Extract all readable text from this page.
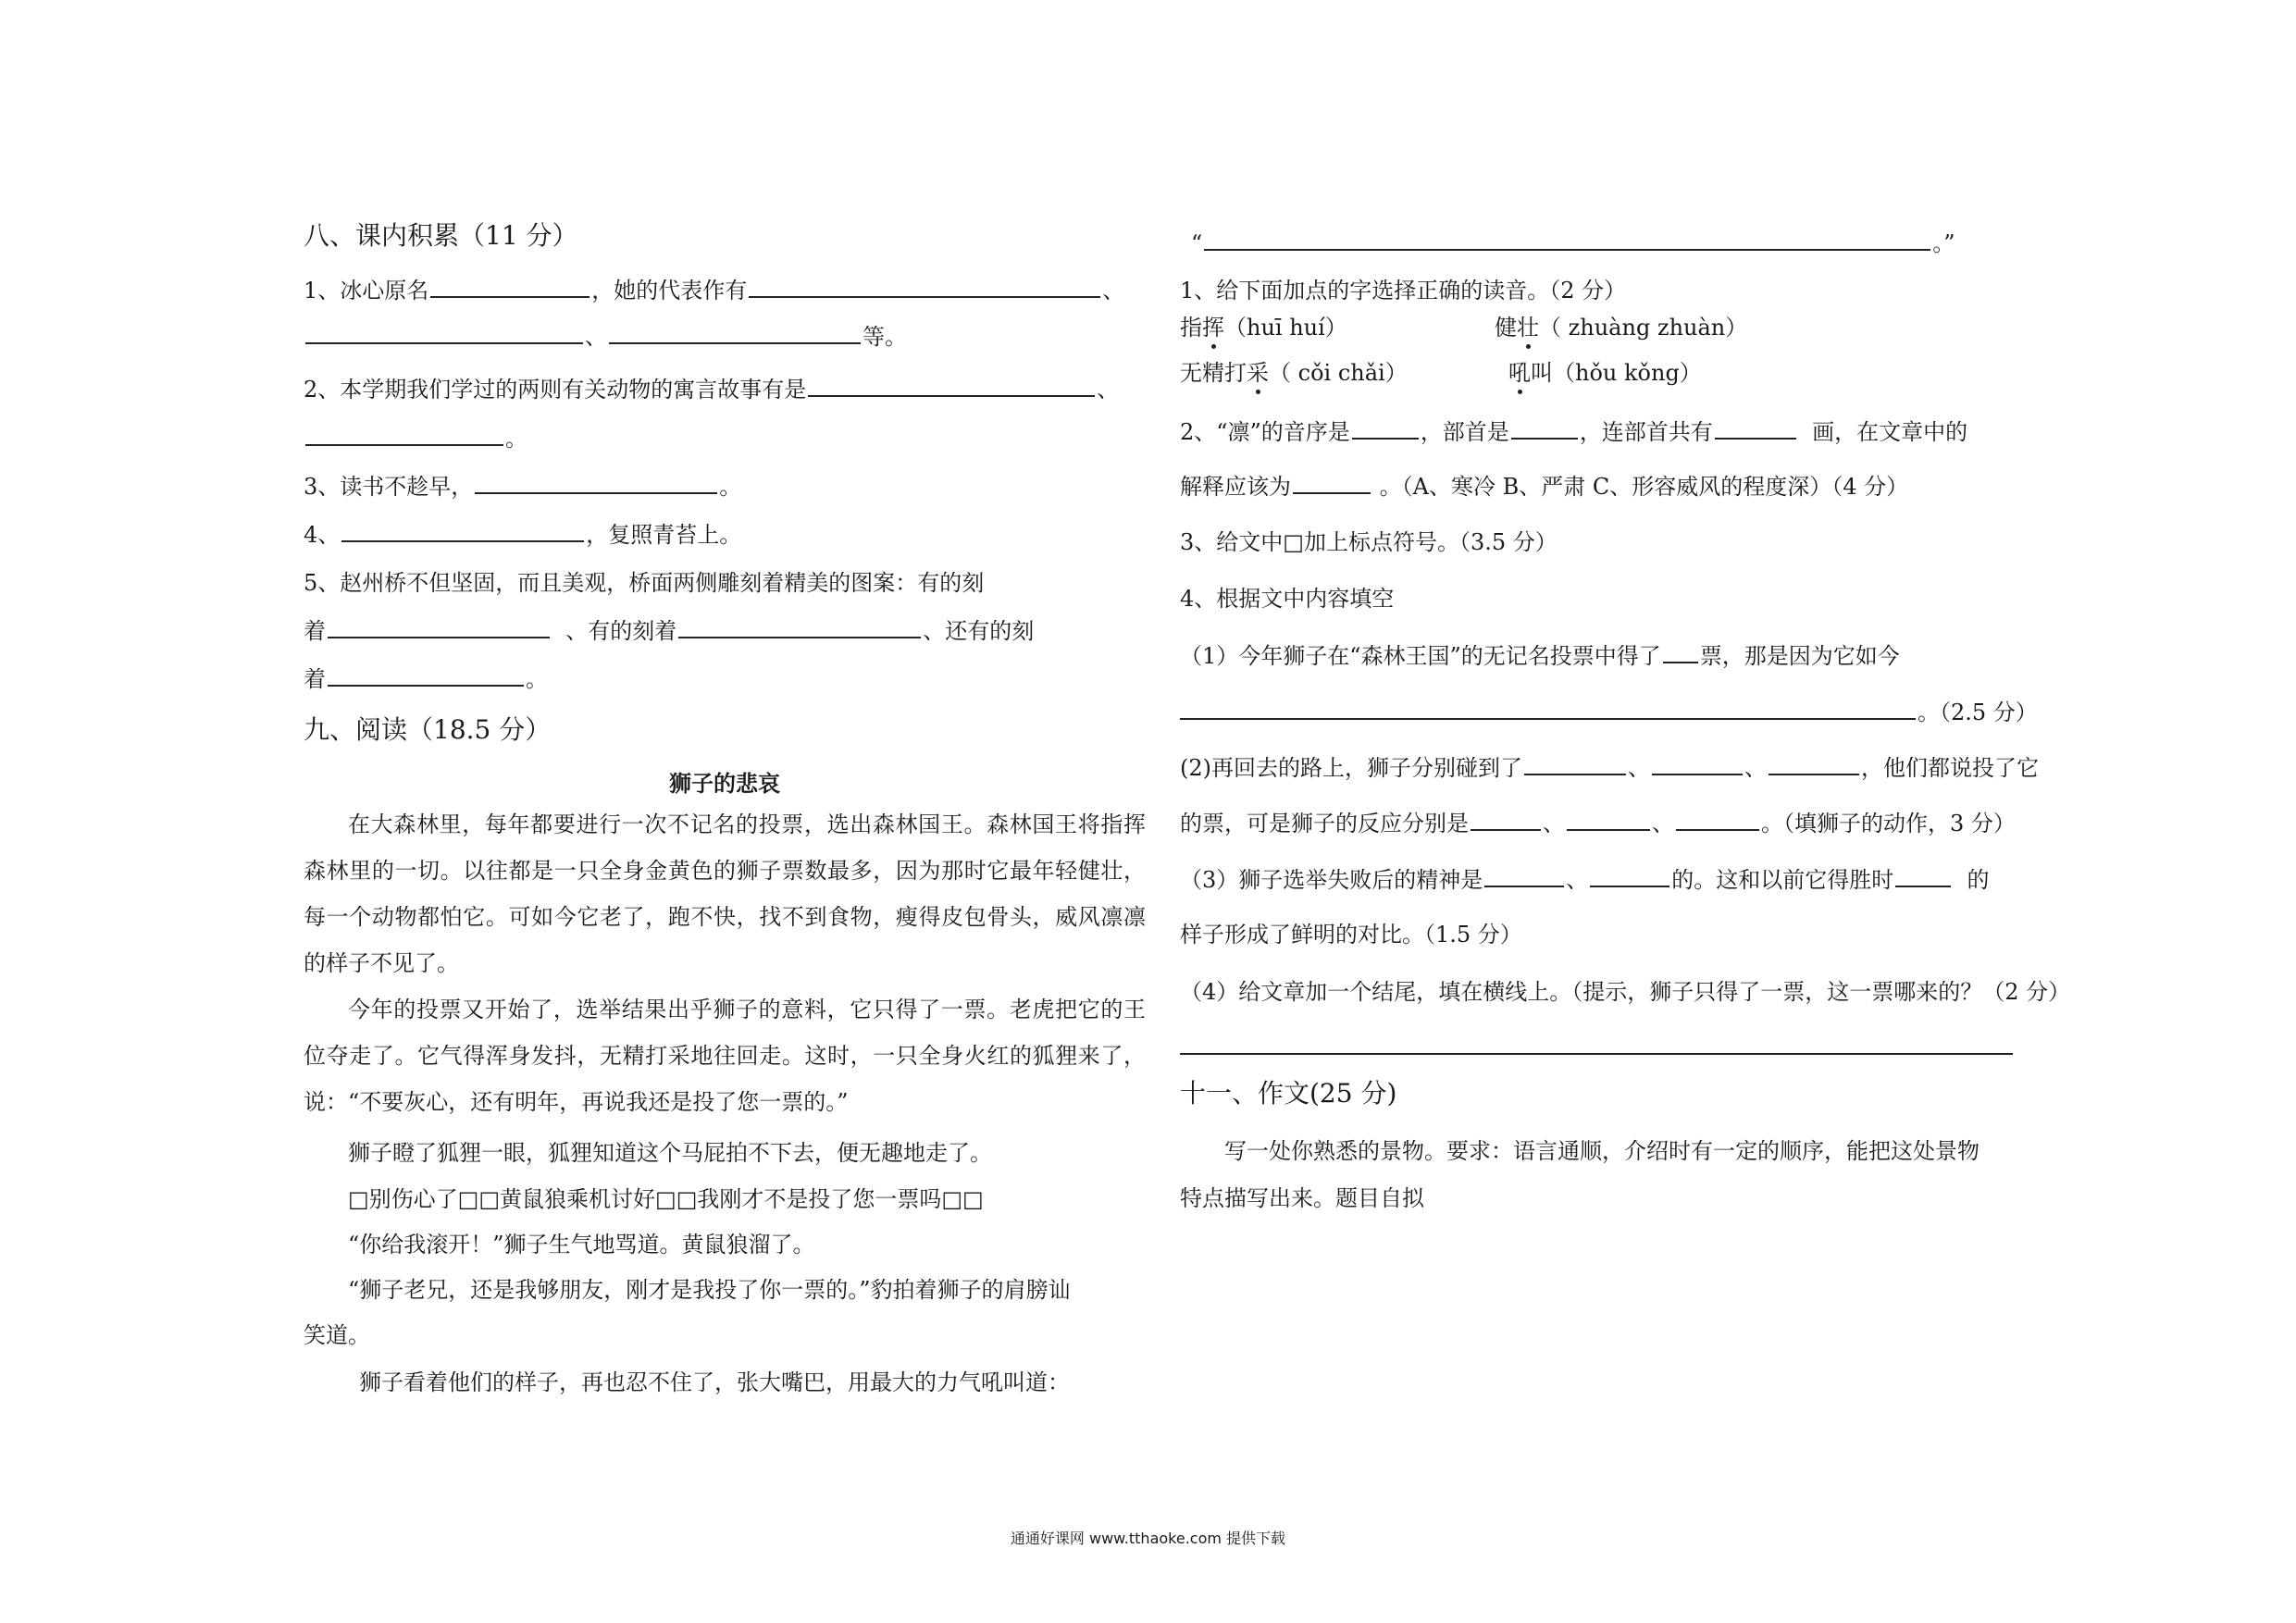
八、课内积累（11 分）
1、冰心原名	，她的代表作有	、
、	等。
2、本学期我们学过的两则有关动物的寓言故事有是	、
。
3、读书不趁早，	。
4、	，复照青苔上。
5、赵州桥不但坚固，而且美观，桥面两侧雕刻着精美的图案：有的刻
着	、有的刻着	、还有的刻
着	。
九、阅读（18.5 分）
狮子的悲哀
在大森林里，每年都要进行一次不记名的投票，选出森林国王。森林国王将指挥森林里的一切。以往都是一只全身金黄色的狮子票数最多，因为那时它最年轻健壮，每一个动物都怕它。可如今它老了，跑不快，找不到食物，瘦得皮包骨头，威风凛凛的样子不见了。
今年的投票又开始了，选举结果出乎狮子的意料，它只得了一票。老虎把它的王位夺走了。它气得浑身发抖，无精打采地往回走。这时，一只全身火红的狐狸来了，说：“不要灰心，还有明年，再说我还是投了您一票的。”
狮子瞪了狐狸一眼，狐狸知道这个马屁拍不下去，便无趣地走了。
□别伤心了□□黄鼠狼乘机讨好□□我刚才不是投了您一票吗□□
“你给我滚开！”狮子生气地骂道。黄鼠狼溜了。
“狮子老兄，还是我够朋友，刚才是我投了你一票的。”豹拍着狮子的肩膀讪
笑道。
狮子看着他们的样子，再也忍不住了，张大嘴巴，用最大的力气吼叫道：
“	。”
1、给下面加点的字选择正确的读音。（2 分）
指挥（huī huí）	健壮（ zhuàng zhuàn）
无精打采（ cǒi chǎi）	吼叫（hǒu kǒng）
2、“凛”的音序是	，部首是	，连部首共有	画，在文章中的
解释应该为	。（A、寒冷 B、严肃 C、形容威风的程度深）（4 分）
3、给文中□加上标点符号。（3.5 分）
4、根据文中内容填空
（1）今年狮子在“森林王国”的无记名投票中得了 票，那是因为它如今
。（2.5 分）
(2)再回去的路上，狮子分别碰到了	、	、	，他们都说投了它
的票，可是狮子的反应分别是	、	、	。（填狮子的动作，3 分）
（3）狮子选举失败后的精神是	、	的。这和以前它得胜时	的
样子形成了鲜明的对比。（1.5 分）
（4）给文章加一个结尾，填在横线上。（提示，狮子只得了一票，这一票哪来的？（2 分）
十一、作文(25 分)
写一处你熟悉的景物。要求：语言通顺，介绍时有一定的顺序，能把这处景物
特点描写出来。题目自拟
通通好课网 www.tthaoke.com 提供下载
